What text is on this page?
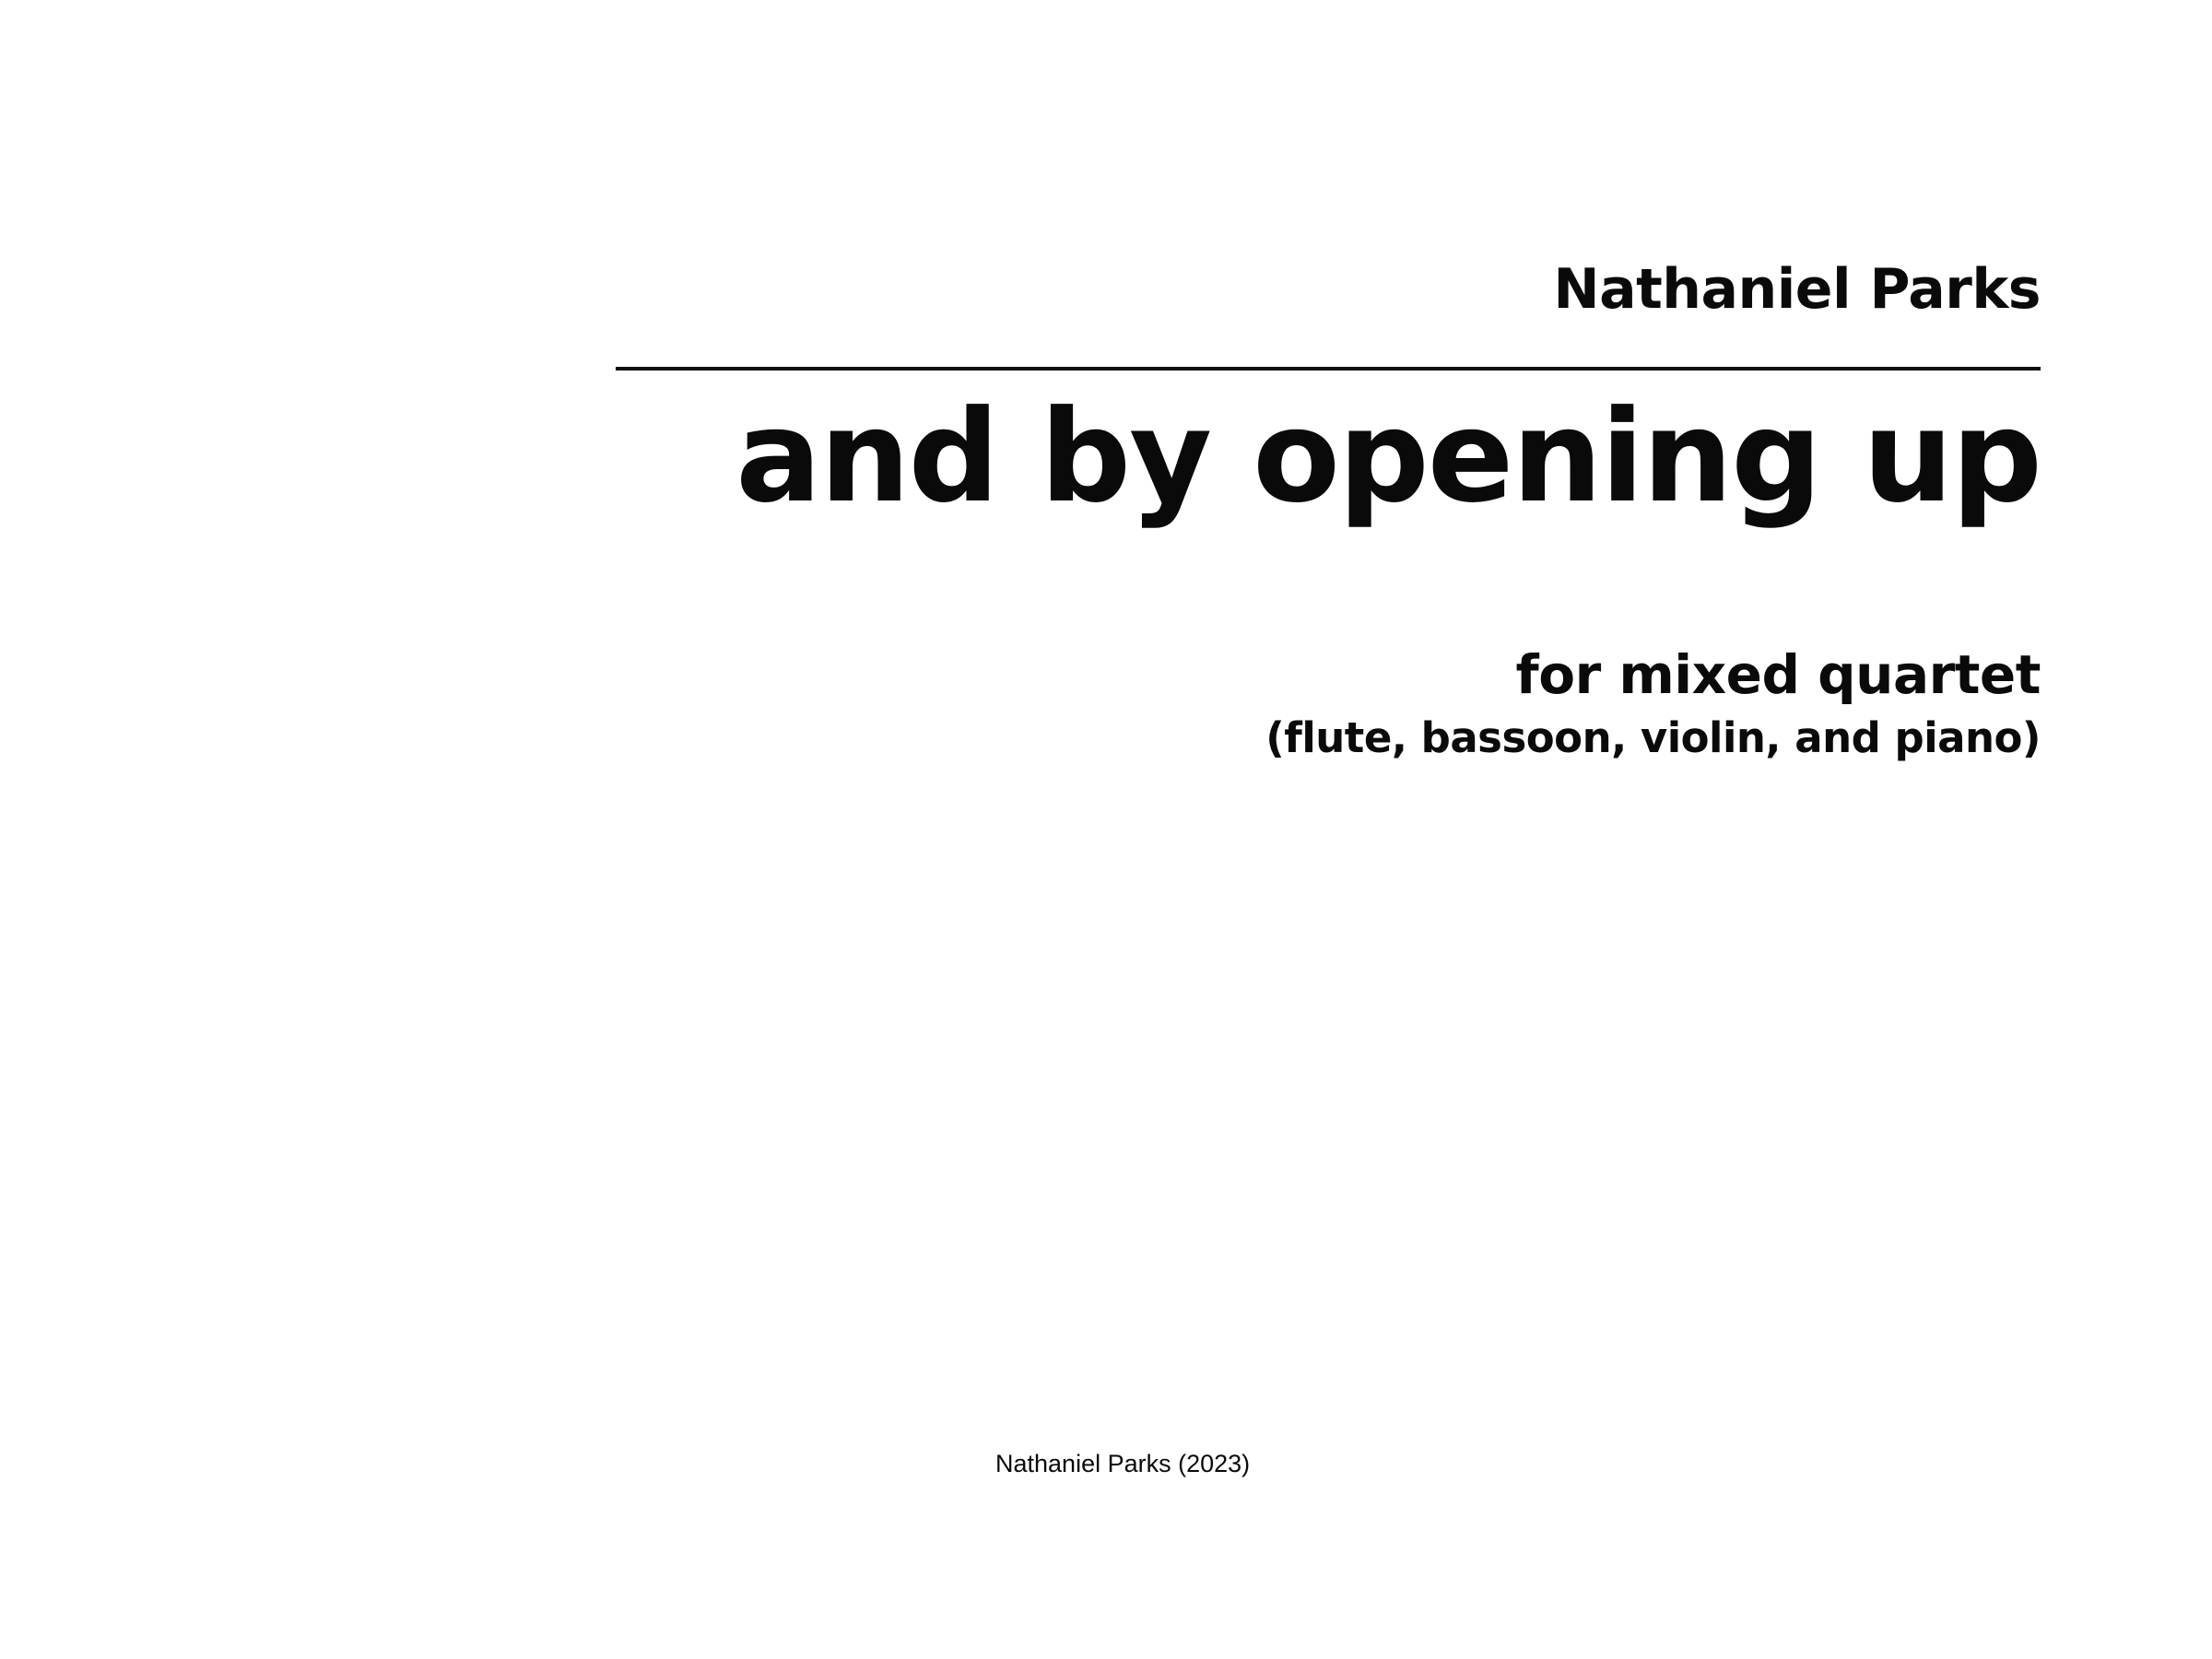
Nathaniel Parks
and by opening up
for mixed quartet
(flute, bassoon, violin, and piano)
Nathaniel Parks (2023)
